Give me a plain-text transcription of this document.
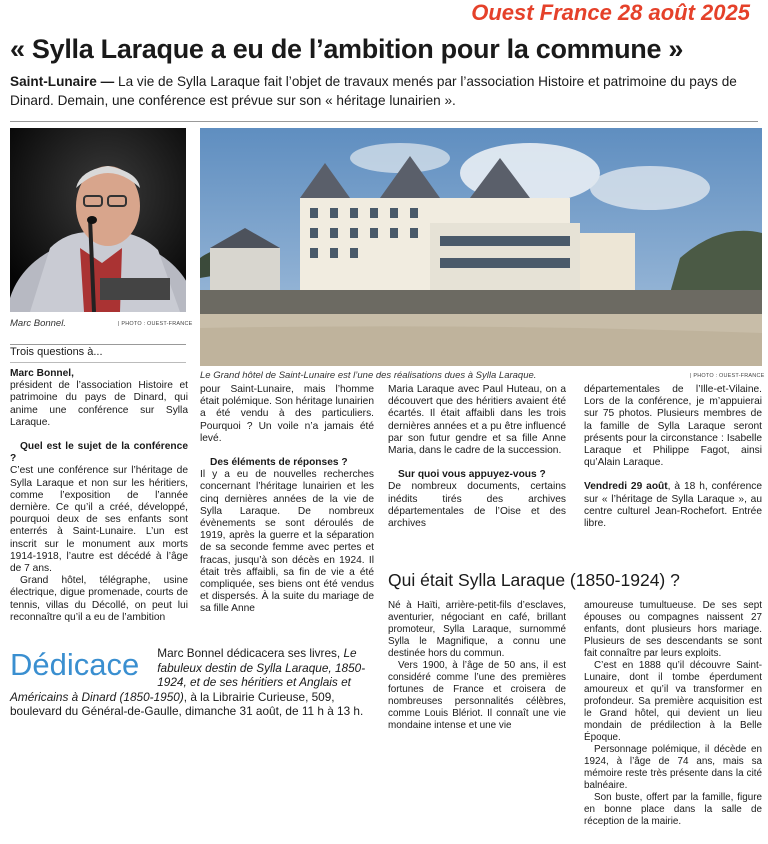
Ouest France 28 août 2025
« Sylla Laraque a eu de l’ambition pour la commune »
Saint-Lunaire — La vie de Sylla Laraque fait l’objet de travaux menés par l’association Histoire et patrimoine du pays de Dinard. Demain, une conférence est prévue sur son « héritage lunairien ».
Marc Bonnel.	| PHOTO : OUEST-FRANCE
Le Grand hôtel de Saint-Lunaire est l’une des réalisations dues à Sylla Laraque.	| PHOTO : OUEST-FRANCE
Trois questions à...

Marc Bonnel,

président de l’association Histoire et patrimoine du pays de Dinard, qui anime une conférence sur Sylla Laraque.

Quel est le sujet de la conférence ?

C’est une conférence sur l’héritage de Sylla Laraque et non sur les héritiers, comme l’exposition de l’année dernière. Ce qu’il a créé, développé, pourquoi deux de ses enfants sont enterrés à Saint-Lunaire. L’un est inscrit sur le monument aux morts 1914-1918, l’autre est décédé à l’âge de 7 ans.

Grand hôtel, télégraphe, usine électrique, digue promenade, courts de tennis, villas du Décollé, on peut lui reconnaître qu’il a eu de l’ambition

pour Saint-Lunaire, mais l’homme était polémique. Son héritage lunairien a été vendu à des particuliers. Pourquoi ? Un voile n’a jamais été levé.

Des éléments de réponses ?

Il y a eu de nouvelles recherches concernant l’héritage lunairien et les cinq dernières années de la vie de Sylla Laraque. De nombreux évènements se sont déroulés de 1919, après la guerre et la séparation de sa seconde femme avec pertes et fracas, jusqu’à son décès en 1924. Il était très affaibli, sa fin de vie a été compliquée, ses biens ont été vendus et dispersés. À la suite du mariage de sa fille Anne

Maria Laraque avec Paul Huteau, on a découvert que des héritiers avaient été écartés. Il était affaibli dans les trois dernières années et a pu être influencé par son futur gendre et sa fille Anne Maria, dans le cadre de la succession.

Sur quoi vous appuyez-vous ?

De nombreux documents, certains inédits tirés des archives départementales de l’Oise et des archives

départementales de l’Ille-et-Vilaine. Lors de la conférence, je m’appuierai sur 75 photos. Plusieurs membres de la famille de Sylla Laraque seront présents pour la circonstance : Isabelle Laraque et Philippe Fagot, ainsi qu’Alain Laraque.

Vendredi 29 août, à 18 h, conférence sur « l’héritage de Sylla Laraque », au centre culturel Jean-Rochefort. Entrée libre.

Dédicace Marc Bonnel dédicacera ses livres, Le fabuleux destin de Sylla Laraque, 1850-1924, et de ses héritiers et Anglais et Américains à Dinard (1850-1950), à la Librairie Curieuse, 509, boulevard du Général-de-Gaulle, dimanche 31 août, de 11 h à 13 h.
Qui était Sylla Laraque (1850-1924) ?

Né à Haïti, arrière-petit-fils d’esclaves, aventurier, négociant en café, brillant promoteur, Sylla Laraque, surnommé Sylla le Magnifique, a connu une destinée hors du commun.

Vers 1900, à l’âge de 50 ans, il est considéré comme l’une des premières fortunes de France et croisera de nombreuses personnalités célèbres, comme Louis Blériot. Il connaît une vie mondaine intense et une vie

amoureuse tumultueuse. De ses sept épouses ou compagnes naissent 27 enfants, dont plusieurs hors mariage. Plusieurs de ses descendants se sont fait connaître par leurs exploits.

C’est en 1888 qu’il découvre Saint-Lunaire, dont il tombe éperdument amoureux et qu’il va transformer en profondeur. Sa première acquisition est le Grand hôtel, qui devient un lieu mondain de prédilection à la Belle Époque.

Personnage polémique, il décède en 1924, à l’âge de 74 ans, mais sa mémoire reste très présente dans la cité balnéaire.

Son buste, offert par la famille, figure en bonne place dans la salle de réception de la mairie.
